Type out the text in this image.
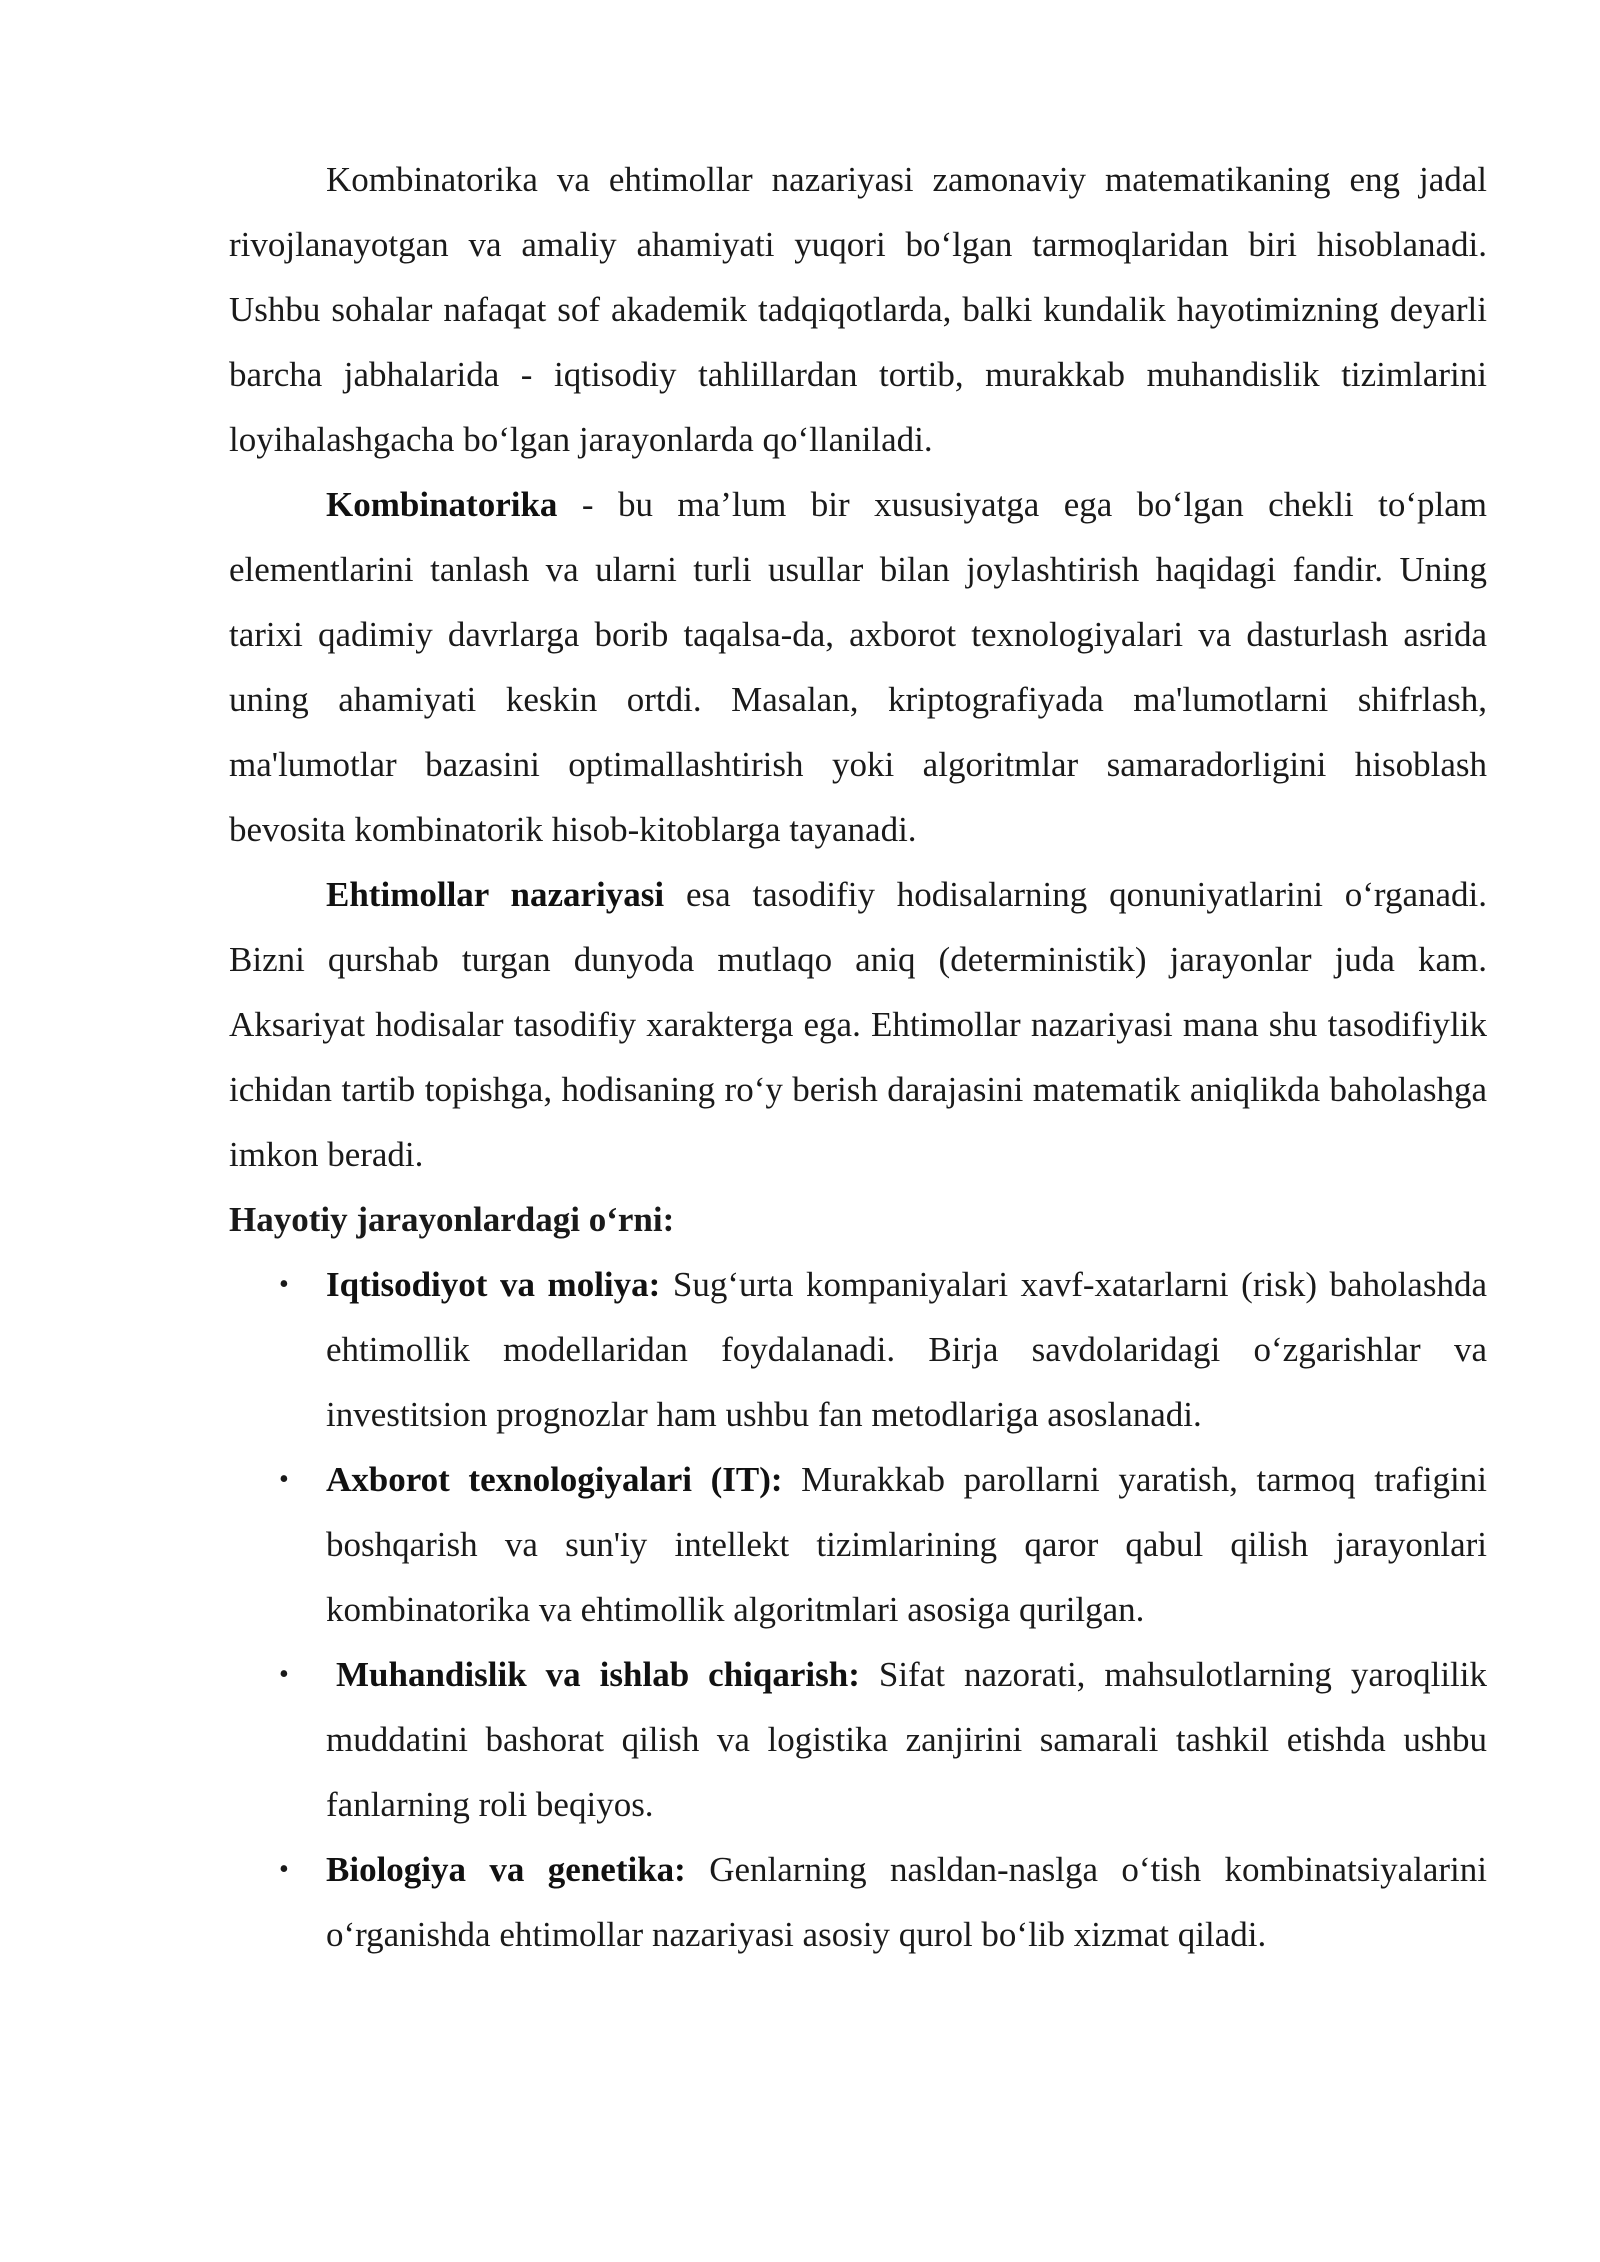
Kombinatorika va ehtimollar nazariyasi zamonaviy matematikaning eng jadal rivojlanayotgan va amaliy ahamiyati yuqori bo‘lgan tarmoqlaridan biri hisoblanadi. Ushbu sohalar nafaqat sof akademik tadqiqotlarda, balki kundalik hayotimizning deyarli barcha jabhalarida - iqtisodiy tahlillardan tortib, murakkab muhandislik tizimlarini loyihalashgacha bo‘lgan jarayonlarda qo‘llaniladi.

Kombinatorika - bu ma’lum bir xususiyatga ega bo‘lgan chekli to‘plam elementlarini tanlash va ularni turli usullar bilan joylashtirish haqidagi fandir. Uning tarixi qadimiy davrlarga borib taqalsa-da, axborot texnologiyalari va dasturlash asrida uning ahamiyati keskin ortdi. Masalan, kriptografiyada ma'lumotlarni shifrlash, ma'lumotlar bazasini optimallashtirish yoki algoritmlar samaradorligini hisoblash bevosita kombinatorik hisob-kitoblarga tayanadi.

Ehtimollar nazariyasi esa tasodifiy hodisalarning qonuniyatlarini o‘rganadi. Bizni qurshab turgan dunyoda mutlaqo aniq (deterministik) jarayonlar juda kam. Aksariyat hodisalar tasodifiy xarakterga ega. Ehtimollar nazariyasi mana shu tasodifiylik ichidan tartib topishga, hodisaning ro‘y berish darajasini matematik aniqlikda baholashga imkon beradi.

Hayotiy jarayonlardagi o‘rni:

• Iqtisodiyot va moliya: Sug‘urta kompaniyalari xavf-xatarlarni (risk) baholashda ehtimollik modellaridan foydalanadi. Birja savdolaridagi o‘zgarishlar va investitsion prognozlar ham ushbu fan metodlariga asoslanadi.
• Axborot texnologiyalari (IT): Murakkab parollarni yaratish, tarmoq trafigini boshqarish va sun'iy intellekt tizimlarining qaror qabul qilish jarayonlari kombinatorika va ehtimollik algoritmlari asosiga qurilgan.
• Muhandislik va ishlab chiqarish: Sifat nazorati, mahsulotlarning yaroqlilik muddatini bashorat qilish va logistika zanjirini samarali tashkil etishda ushbu fanlarning roli beqiyos.
• Biologiya va genetika: Genlarning nasldan-naslga o‘tish kombinatsiyalarini o‘rganishda ehtimollar nazariyasi asosiy qurol bo‘lib xizmat qiladi.
